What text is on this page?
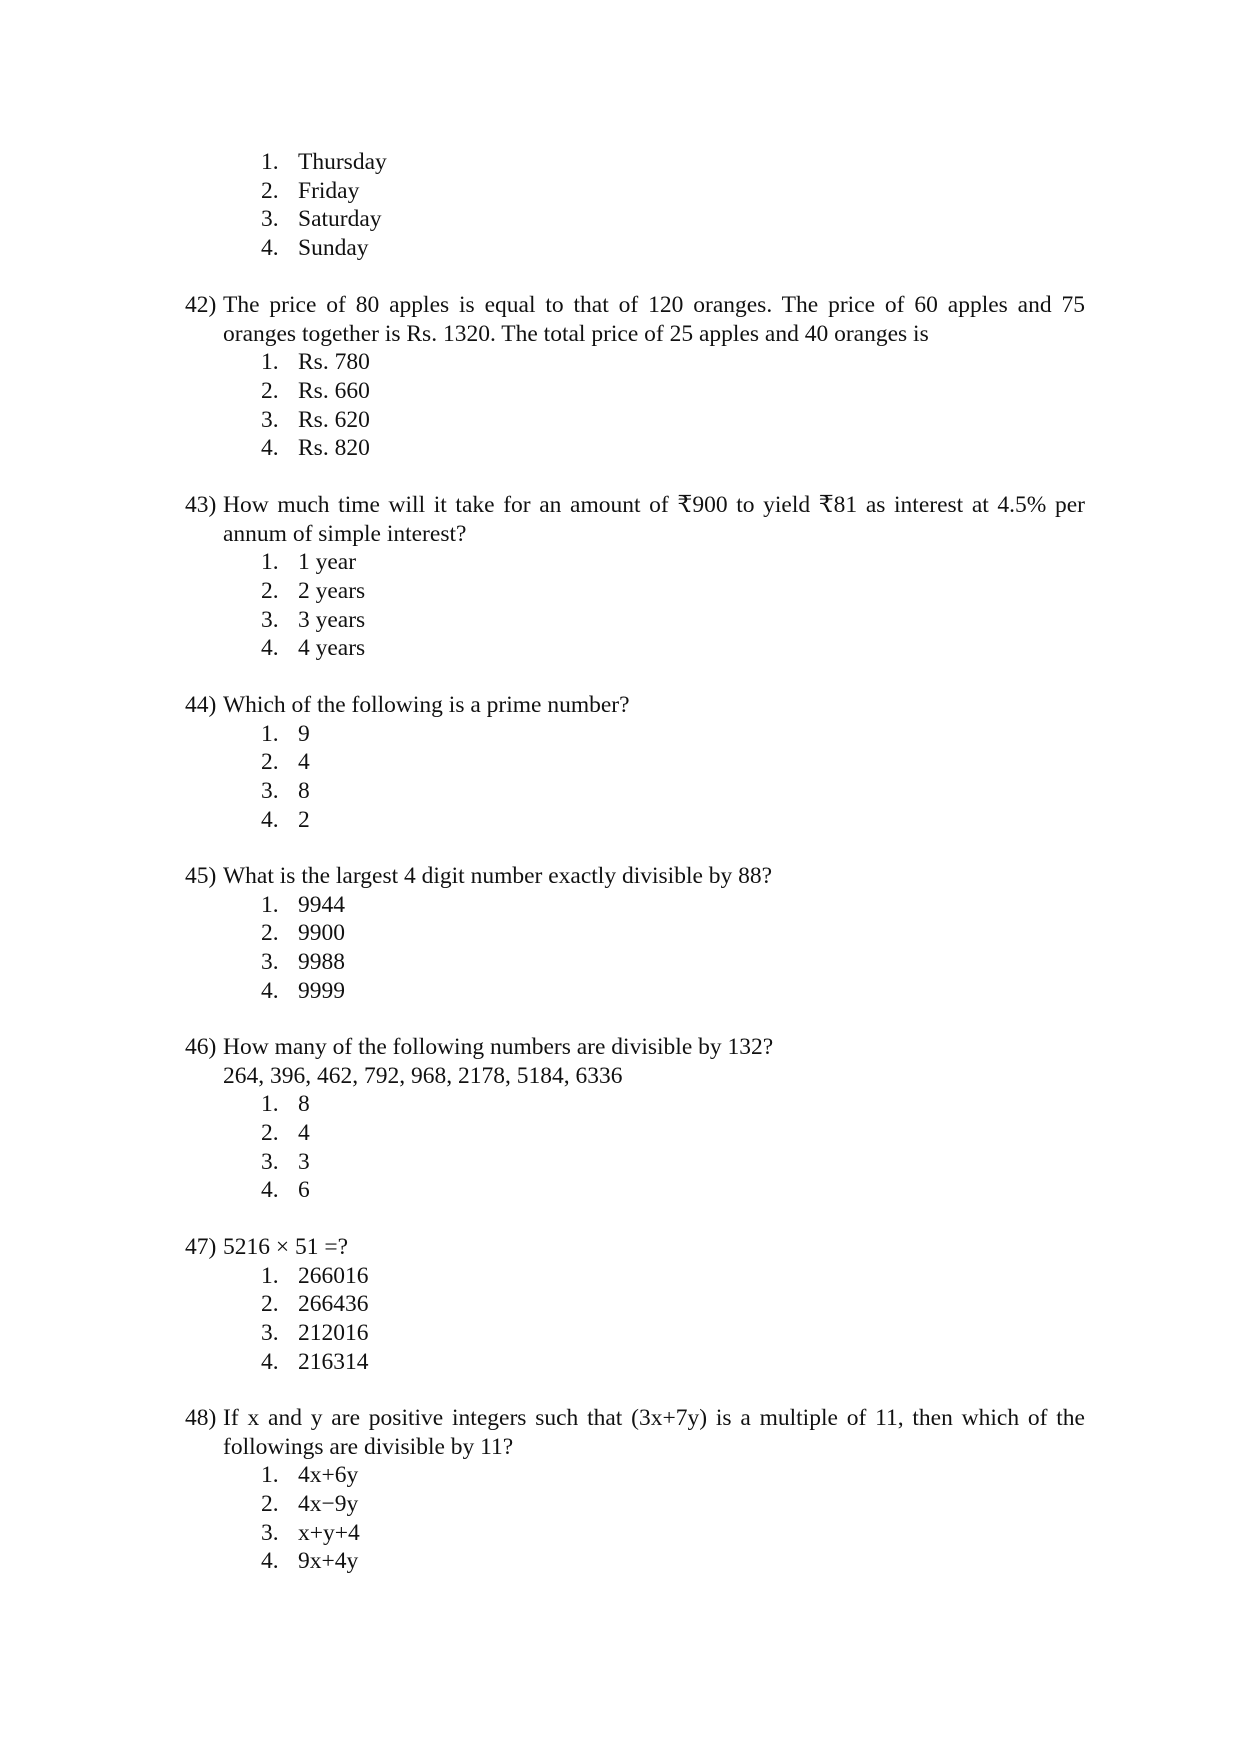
1. Thursday
2. Friday
3. Saturday
4. Sunday
42) The price of 80 apples is equal to that of 120 oranges. The price of 60 apples and 75
oranges together is Rs. 1320. The total price of 25 apples and 40 oranges is
1. Rs. 780
2. Rs. 660
3. Rs. 620
4. Rs. 820
43) How much time will it take for an amount of ₹900 to yield ₹81 as interest at 4.5% per
annum of simple interest?
1. 1 year
2. 2 years
3. 3 years
4. 4 years
44) Which of the following is a prime number?
1. 9
2. 4
3. 8
4. 2
45) What is the largest 4 digit number exactly divisible by 88?
1. 9944
2. 9900
3. 9988
4. 9999
46) How many of the following numbers are divisible by 132?
264, 396, 462, 792, 968, 2178, 5184, 6336
1. 8
2. 4
3. 3
4. 6
47) 5216 × 51 =?
1. 266016
2. 266436
3. 212016
4. 216314
48) If x and y are positive integers such that (3x+7y) is a multiple of 11, then which of the
followings are divisible by 11?
1. 4x+6y
2. 4x−9y
3. x+y+4
4. 9x+4y
